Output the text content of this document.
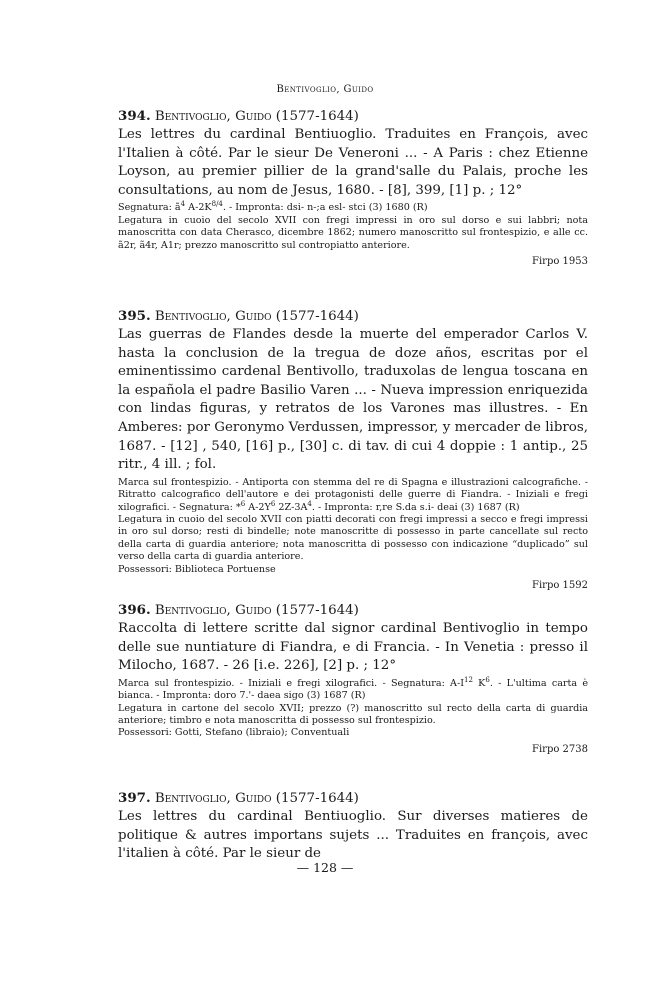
Bentivoglio, Guido

394. Bentivoglio, Guido (1577-1644)

Les lettres du cardinal Bentiuoglio. Traduites en François, avec l'Italien à côté. Par le sieur De Veneroni ... - A Paris : chez Etienne Loyson, au premier pillier de la grand'salle du Palais, proche les consultations, au nom de Jesus, 1680. - [8], 399, [1] p. ; 12°

Segnatura: $ã^4$ $A-2K^{8/4}$. - Impronta: dsi- n-;a esl- stci (3) 1680 (R)

Legatura in cuoio del secolo XVII con fregi impressi in oro sul dorso e sui labbri; nota manoscritta con data Cherasco, dicembre 1862; numero manoscritto sul frontespizio, e alle cc. ã2r, ã4r, A1r; prezzo manoscritto sul contropiatto anteriore.

Firpo 1953

395. Bentivoglio, Guido (1577-1644)

Las guerras de Flandes desde la muerte del emperador Carlos V. hasta la conclusion de la tregua de doze años, escritas por el eminentissimo cardenal Bentivollo, traduxolas de lengua toscana en la española el padre Basilio Varen ... - Nueva impression enriquezida con lindas figuras, y retratos de los Varones mas illustres. - En Amberes: por Geronymo Verdussen, impressor, y mercader de libros, 1687. - [12] , 540, [16] p., [30] c. di tav. di cui 4 doppie : 1 antip., 25 ritr., 4 ill. ; fol.

Marca sul frontespizio. - Antiporta con stemma del re di Spagna e illustrazioni calcografiche. - Ritratto calcografico dell'autore e dei protagonisti delle guerre di Fiandra. - Iniziali e fregi xilografici. - Segnatura: *$^6$ $A-2Y^6$ $2Z-3A^4$. - Impronta: r,re S.da s.i- deai (3) 1687 (R)

Legatura in cuoio del secolo XVII con piatti decorati con fregi impressi a secco e fregi impressi in oro sul dorso; resti di bindelle; note manoscritte di possesso in parte cancellate sul recto della carta di guardia anteriore; nota manoscritta di possesso con indicazione “duplicado” sul verso della carta di guardia anteriore.

Possessori: Biblioteca Portuense

Firpo 1592

396. Bentivoglio, Guido (1577-1644)

Raccolta di lettere scritte dal signor cardinal Bentivoglio in tempo delle sue nuntiature di Fiandra, e di Francia. - In Venetia : presso il Milocho, 1687. - 26 [i.e. 226], [2] p. ; 12°

Marca sul frontespizio. - Iniziali e fregi xilografici. - Segnatura: $A-I^{12}$ $K^6$. - L'ultima carta è bianca. - Impronta: doro 7.'- daea sigo (3) 1687 (R)

Legatura in cartone del secolo XVII; prezzo (?) manoscritto sul recto della carta di guardia anteriore; timbro e nota manoscritta di possesso sul frontespizio.

Possessori: Gotti, Stefano (libraio); Conventuali

Firpo 2738

397. Bentivoglio, Guido (1577-1644)

Les lettres du cardinal Bentiuoglio. Sur diverses matieres de politique & autres importans sujets ... Traduites en françois, avec l'italien à côté. Par le sieur de

— 128 —
